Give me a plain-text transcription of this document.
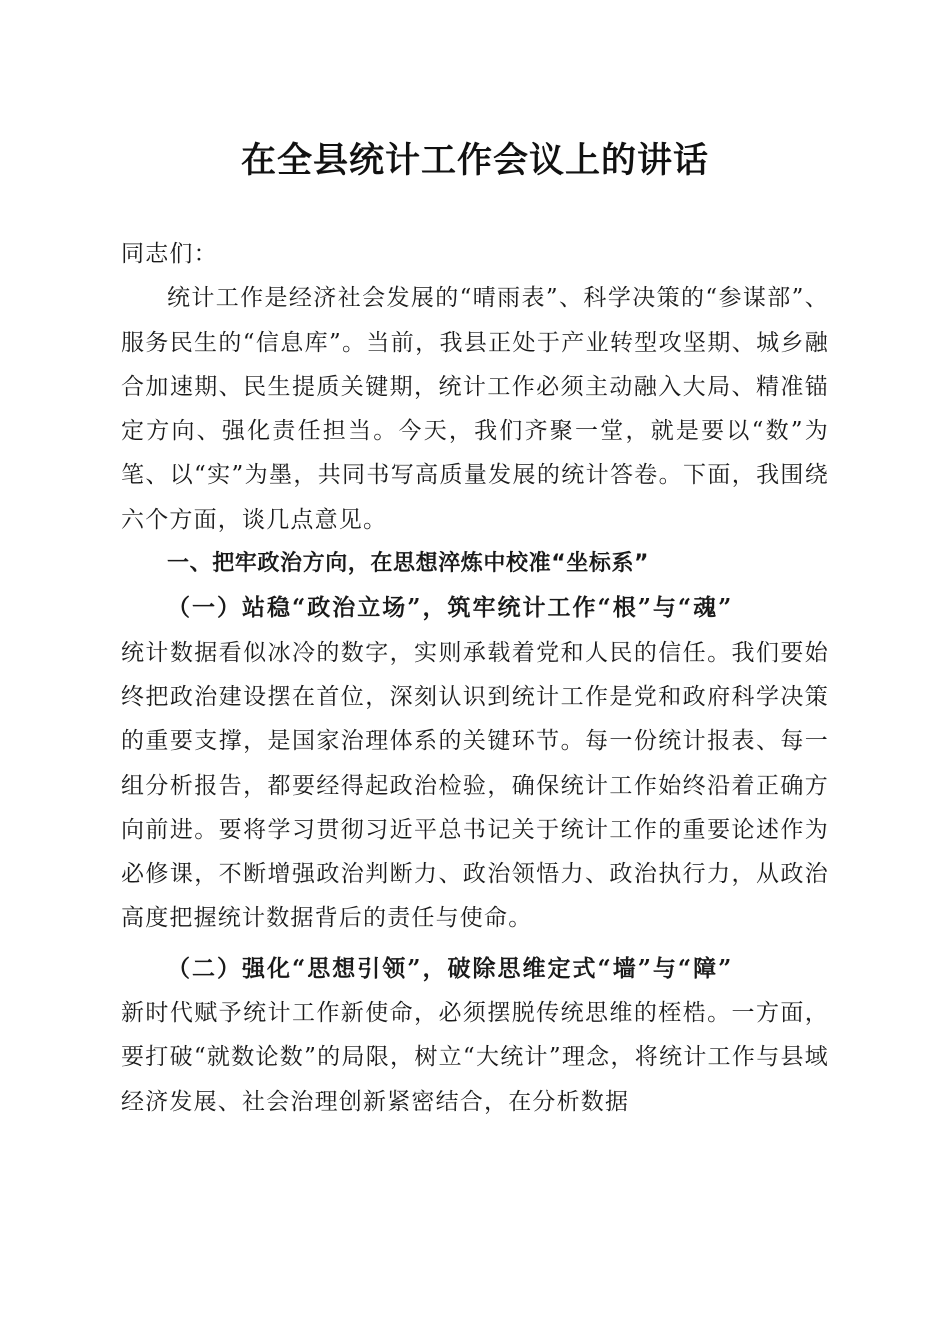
在全县统计工作会议上的讲话

同志们：

统计工作是经济社会发展的“晴雨表”、科学决策的“参谋部”、服务民生的“信息库”。当前，我县正处于产业转型攻坚期、城乡融合加速期、民生提质关键期，统计工作必须主动融入大局、精准锚定方向、强化责任担当。今天，我们齐聚一堂，就是要以“数”为笔、以“实”为墨，共同书写高质量发展的统计答卷。下面，我围绕六个方面，谈几点意见。

一、把牢政治方向，在思想淬炼中校准“坐标系”

（一）站稳“政治立场”，筑牢统计工作“根”与“魂”

统计数据看似冰冷的数字，实则承载着党和人民的信任。我们要始终把政治建设摆在首位，深刻认识到统计工作是党和政府科学决策的重要支撑，是国家治理体系的关键环节。每一份统计报表、每一组分析报告，都要经得起政治检验，确保统计工作始终沿着正确方向前进。要将学习贯彻习近平总书记关于统计工作的重要论述作为必修课，不断增强政治判断力、政治领悟力、政治执行力，从政治高度把握统计数据背后的责任与使命。

（二）强化“思想引领”，破除思维定式“墙”与“障”

新时代赋予统计工作新使命，必须摆脱传统思维的桎梏。一方面，要打破“就数论数”的局限，树立“大统计”理念，将统计工作与县域经济发展、社会治理创新紧密结合，在分析数据
